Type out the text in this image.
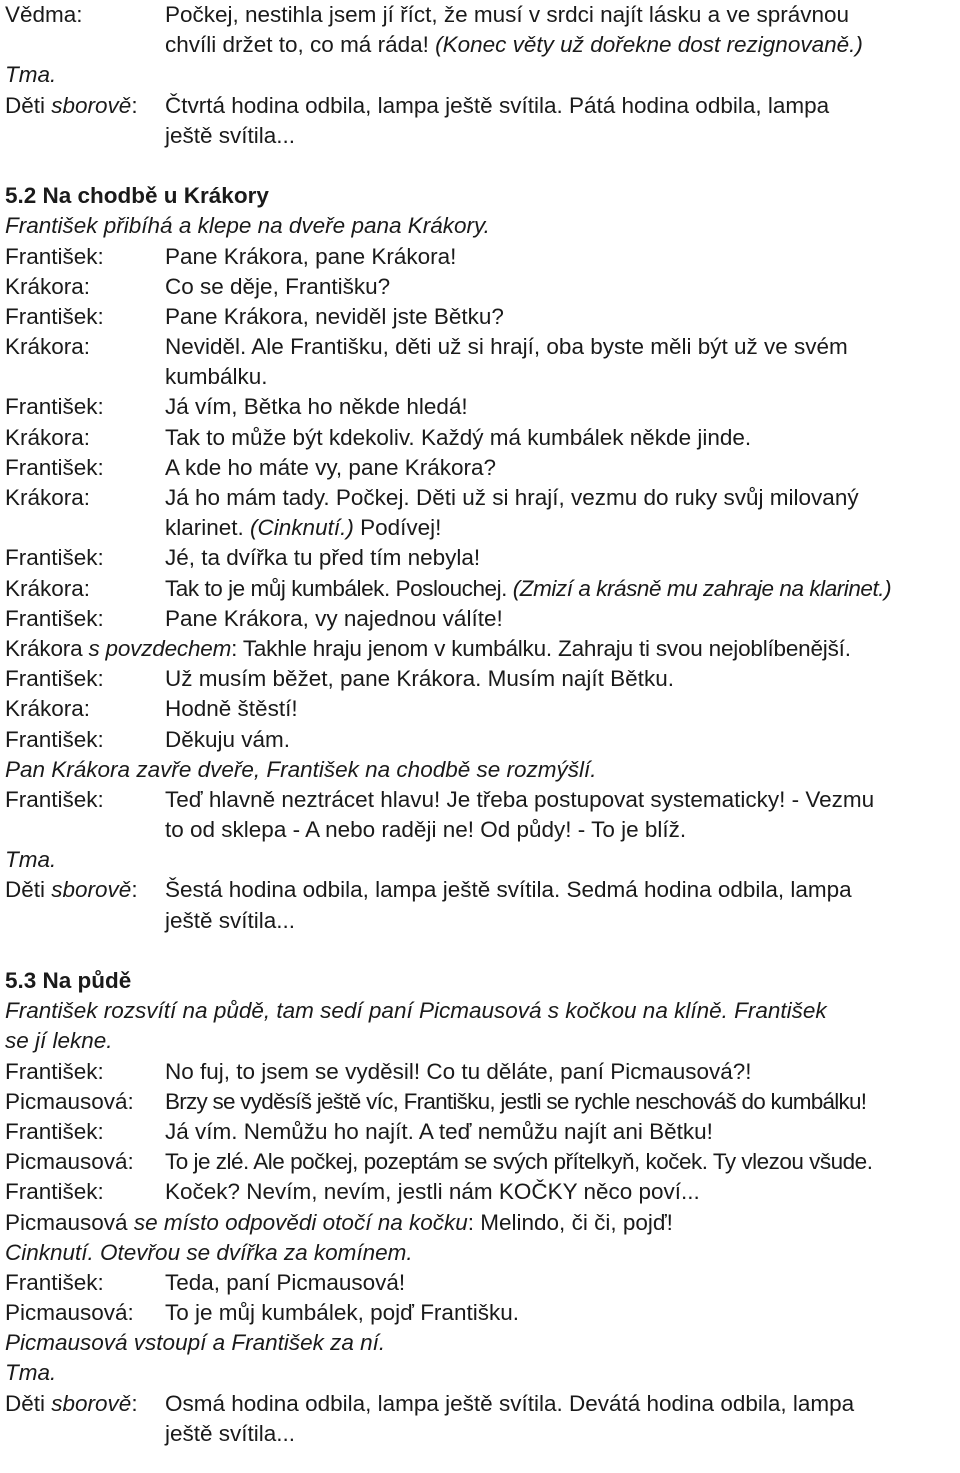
Vědma:	Počkej, nestihla jsem jí říct, že musí v srdci najít lásku a ve správnou
chvíli držet to, co má ráda! (Konec věty už dořekne dost rezignovaně.)
Tma.
Děti sborově: Čtvrtá hodina odbila, lampa ještě svítila. Pátá hodina odbila, lampa
ještě svítila...
5.2 Na chodbě u Krákory
František přibíhá a klepe na dveře pana Krákory.
František:	Pane Krákora, pane Krákora!
Krákora:	Co se děje, Františku?
František:	Pane Krákora, neviděl jste Bětku?
Krákora:	Neviděl. Ale Františku, děti už si hrají, oba byste měli být už ve svém
kumbálku.
František:	Já vím, Bětka ho někde hledá!
Krákora:	Tak to může být kdekoliv. Každý má kumbálek někde jinde.
František:	A kde ho máte vy, pane Krákora?
Krákora:	Já ho mám tady. Počkej. Děti už si hrají, vezmu do ruky svůj milovaný
klarinet. (Cinknutí.) Podívej!
František:	Jé, ta dvířka tu před tím nebyla!
Krákora:	Tak to je můj kumbálek. Poslouchej. (Zmizí a krásně mu zahraje na klarinet.)
František:	Pane Krákora, vy najednou válíte!
Krákora s povzdechem: Takhle hraju jenom v kumbálku. Zahraju ti svou nejoblíbenější.
František:	Už musím běžet, pane Krákora. Musím najít Bětku.
Krákora:	Hodně štěstí!
František:	Děkuju vám.
Pan Krákora zavře dveře, František na chodbě se rozmýšlí.
František:	Teď hlavně neztrácet hlavu! Je třeba postupovat systematicky! - Vezmu
to od sklepa - A nebo raději ne! Od půdy! - To je blíž.
Tma.
Děti sborově: Šestá hodina odbila, lampa ještě svítila. Sedmá hodina odbila, lampa
ještě svítila...
5.3 Na půdě
František rozsvítí na půdě, tam sedí paní Picmausová s kočkou na klíně. František
se jí lekne.
František:	No fuj, to jsem se vyděsil! Co tu děláte, paní Picmausová?!
Picmausová: Brzy se vyděsíš ještě víc, Františku, jestli se rychle neschováš do kumbálku!
František:	Já vím. Nemůžu ho najít. A teď nemůžu najít ani Bětku!
Picmausová: To je zlé. Ale počkej, pozeptám se svých přítelkyň, koček. Ty vlezou všude.
František:	Koček? Nevím, nevím, jestli nám KOČKY něco poví...
Picmausová se místo odpovědi otočí na kočku: Melindo, či či, pojď!
Cinknutí. Otevřou se dvířka za komínem.
František:	Teda, paní Picmausová!
Picmausová: To je můj kumbálek, pojď Františku.
Picmausová vstoupí a František za ní.
Tma.
Děti sborově: Osmá hodina odbila, lampa ještě svítila. Devátá hodina odbila, lampa
ještě svítila...
